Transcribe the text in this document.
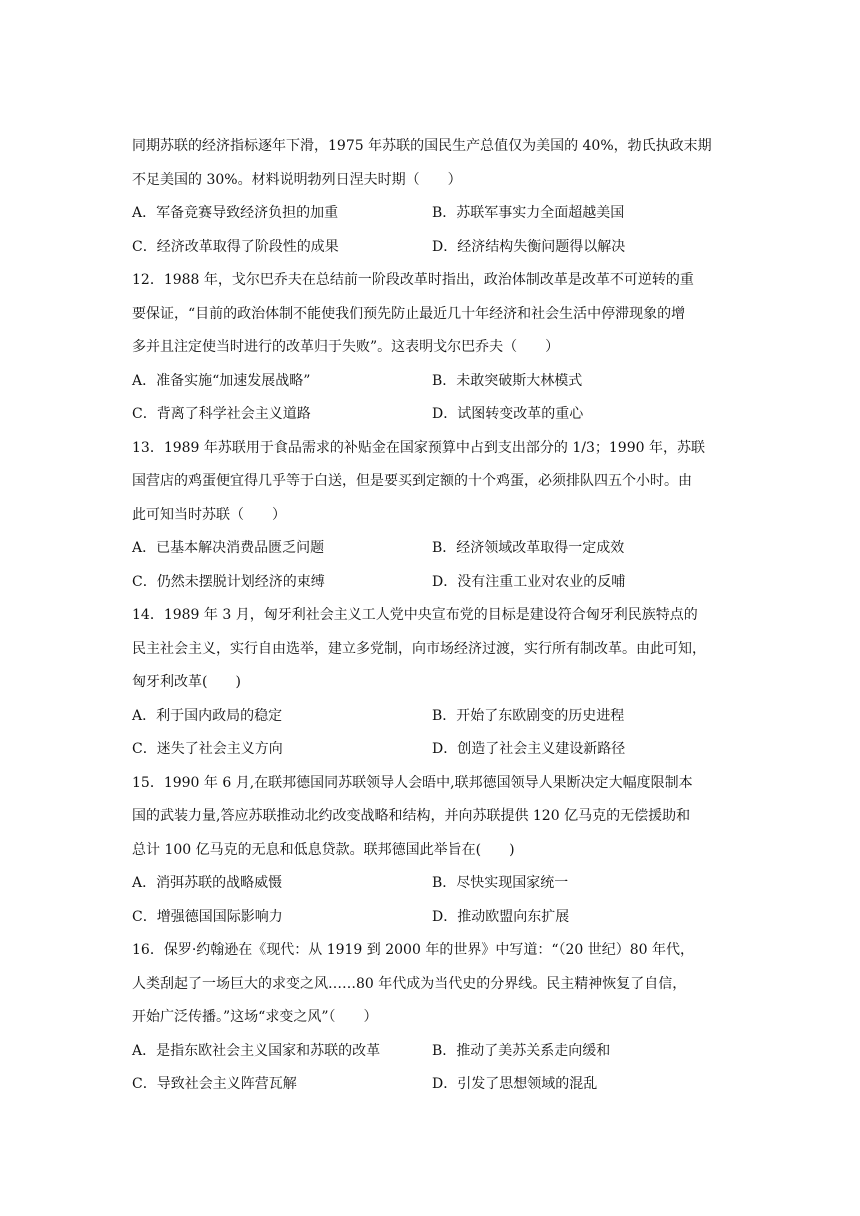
同期苏联的经济指标逐年下滑，1975 年苏联的国民生产总值仅为美国的 40%，勃氏执政末期
不足美国的 30%。材料说明勃列日涅夫时期（　　）
A．军备竞赛导致经济负担的加重	B．苏联军事实力全面超越美国
C．经济改革取得了阶段性的成果	D．经济结构失衡问题得以解决
12．1988 年，戈尔巴乔夫在总结前一阶段改革时指出，政治体制改革是改革不可逆转的重
要保证，“目前的政治体制不能使我们预先防止最近几十年经济和社会生活中停滞现象的增
多并且注定使当时进行的改革归于失败”。这表明戈尔巴乔夫（　　）
A．准备实施“加速发展战略”	B．未敢突破斯大林模式
C．背离了科学社会主义道路	D．试图转变改革的重心
13．1989 年苏联用于食品需求的补贴金在国家预算中占到支出部分的 1/3；1990 年，苏联
国营店的鸡蛋便宜得几乎等于白送，但是要买到定额的十个鸡蛋，必须排队四五个小时。由
此可知当时苏联（　　）
A．已基本解决消费品匮乏问题	B．经济领域改革取得一定成效
C．仍然未摆脱计划经济的束缚	D．没有注重工业对农业的反哺
14．1989 年 3 月，匈牙利社会主义工人党中央宣布党的目标是建设符合匈牙利民族特点的
民主社会主义，实行自由选举，建立多党制，向市场经济过渡，实行所有制改革。由此可知，
匈牙利改革(　　)
A．利于国内政局的稳定	B．开始了东欧剧变的历史进程
C．迷失了社会主义方向	D．创造了社会主义建设新路径
15．1990 年 6 月,在联邦德国同苏联领导人会晤中,联邦德国领导人果断决定大幅度限制本
国的武装力量,答应苏联推动北约改变战略和结构，并向苏联提供 120 亿马克的无偿援助和
总计 100 亿马克的无息和低息贷款。联邦德国此举旨在(　　)
A．消弭苏联的战略威慑	B．尽快实现国家统一
C．增强德国国际影响力	D．推动欧盟向东扩展
16．保罗·约翰逊在《现代：从 1919 到 2000 年的世界》中写道：“（20 世纪）80 年代，
人类刮起了一场巨大的求变之风……80 年代成为当代史的分界线。民主精神恢复了自信，
开始广泛传播。”这场“求变之风”（　　）
A．是指东欧社会主义国家和苏联的改革	B．推动了美苏关系走向缓和
C．导致社会主义阵营瓦解	D．引发了思想领域的混乱
